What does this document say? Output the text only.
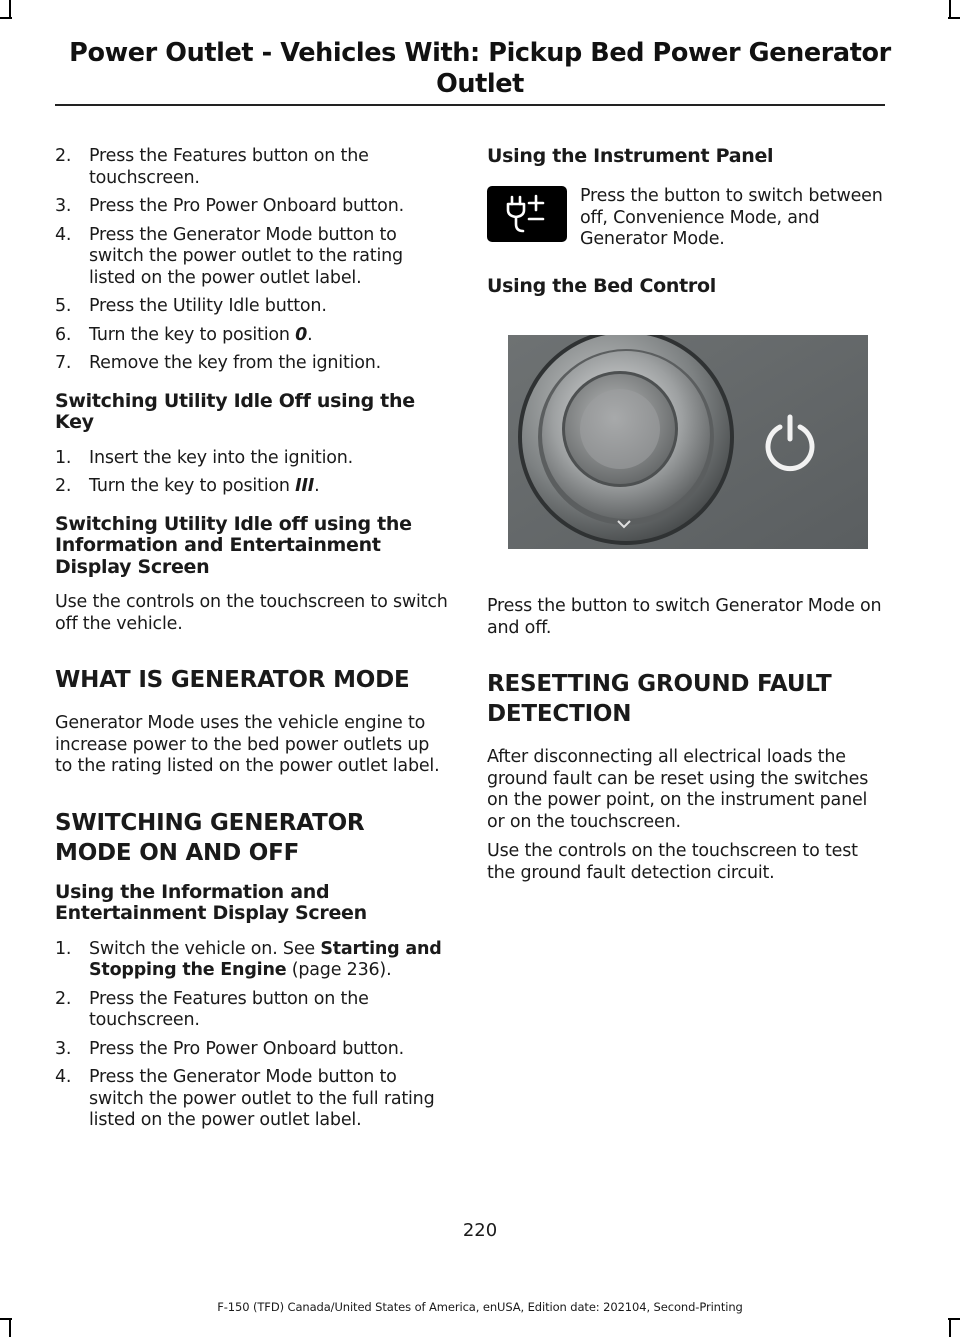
Power Outlet - Vehicles With: Pickup Bed Power Generator
Outlet
2. Press the Features button on the touchscreen.
3. Press the Pro Power Onboard button.
4. Press the Generator Mode button to switch the power outlet to the rating listed on the power outlet label.
5. Press the Utility Idle button.
6. Turn the key to position 0.
7. Remove the key from the ignition.
Switching Utility Idle Off using the Key
1. Insert the key into the ignition.
2. Turn the key to position III.
Switching Utility Idle off using the Information and Entertainment Display Screen

Use the controls on the touchscreen to switch off the vehicle.

WHAT IS GENERATOR MODE

Generator Mode uses the vehicle engine to increase power to the bed power outlets up to the rating listed on the power outlet label.

SWITCHING GENERATOR
MODE ON AND OFF
Using the Information and Entertainment Display Screen
1. Switch the vehicle on. See Starting and Stopping the Engine (page 236).
2. Press the Features button on the touchscreen.
3. Press the Pro Power Onboard button.
4. Press the Generator Mode button to switch the power outlet to the full rating listed on the power outlet label.
Using the Instrument Panel

Press the button to switch between off, Convenience Mode, and Generator Mode.

Using the Bed Control

Press the button to switch Generator Mode on and off.

RESETTING GROUND FAULT
DETECTION

After disconnecting all electrical loads the ground fault can be reset using the switches on the power point, on the instrument panel or on the touchscreen.

Use the controls on the touchscreen to test the ground fault detection circuit.

220
F-150 (TFD) Canada/United States of America, enUSA, Edition date: 202104, Second-Printing
